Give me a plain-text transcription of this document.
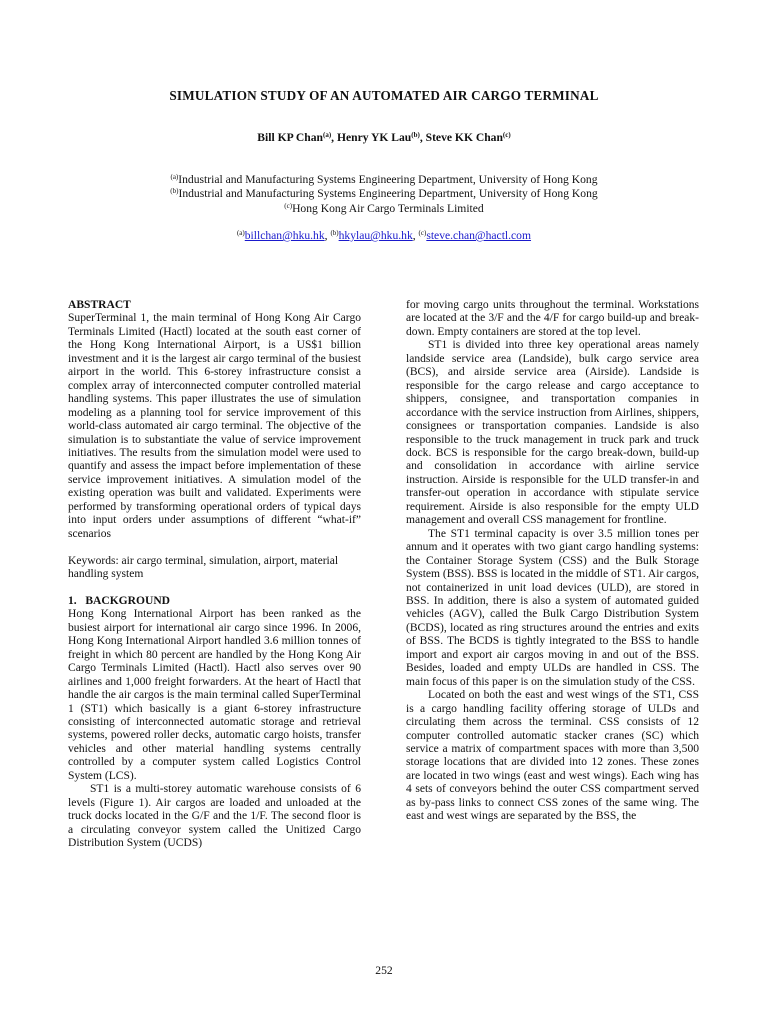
SIMULATION STUDY OF AN AUTOMATED AIR CARGO TERMINAL
Bill KP Chan$^{(a)}$, Henry YK Lau$^{(b)}$, Steve KK Chan$^{(c)}$
$^{(a)}$Industrial and Manufacturing Systems Engineering Department, University of Hong Kong
$^{(b)}$Industrial and Manufacturing Systems Engineering Department, University of Hong Kong
$^{(c)}$Hong Kong Air Cargo Terminals Limited
$^{(a)}$billchan@hku.hk, $^{(b)}$hkylau@hku.hk, $^{(c)}$steve.chan@hactl.com

ABSTRACT

SuperTerminal 1, the main terminal of Hong Kong Air Cargo Terminals Limited (Hactl) located at the south east corner of the Hong Kong International Airport, is a US$1 billion investment and it is the largest air cargo terminal of the busiest airport in the world. This 6-storey infrastructure consist a complex array of interconnected computer controlled material handling systems. This paper illustrates the use of simulation modeling as a planning tool for service improvement of this world-class automated air cargo terminal. The objective of the simulation is to substantiate the value of service improvement initiatives. The results from the simulation model were used to quantify and assess the impact before implementation of these service improvement initiatives. A simulation model of the existing operation was built and validated. Experiments were performed by transforming operational orders of typical days into input orders under assumptions of different “what-if” scenarios

Keywords: air cargo terminal, simulation, airport, material handling system

1.   BACKGROUND

Hong Kong International Airport has been ranked as the busiest airport for international air cargo since 1996. In 2006, Hong Kong International Airport handled 3.6 million tonnes of freight in which 80 percent are handled by the Hong Kong Air Cargo Terminals Limited (Hactl). Hactl also serves over 90 airlines and 1,000 freight forwarders. At the heart of Hactl that handle the air cargos is the main terminal called SuperTerminal 1 (ST1) which basically is a giant 6-storey infrastructure consisting of interconnected automatic storage and retrieval systems, powered roller decks, automatic cargo hoists, transfer vehicles and other material handling systems centrally controlled by a computer system called Logistics Control System (LCS).

ST1 is a multi-storey automatic warehouse consists of 6 levels (Figure 1). Air cargos are loaded and unloaded at the truck docks located in the G/F and the 1/F. The second floor is a circulating conveyor system called the Unitized Cargo Distribution System (UCDS)

for moving cargo units throughout the terminal. Workstations are located at the 3/F and the 4/F for cargo build-up and break-down. Empty containers are stored at the top level.

ST1 is divided into three key operational areas namely landside service area (Landside), bulk cargo service area (BCS), and airside service area (Airside). Landside is responsible for the cargo release and cargo acceptance to shippers, consignee, and transportation companies in accordance with the service instruction from Airlines, shippers, consignees or transportation companies. Landside is also responsible to the truck management in truck park and truck dock. BCS is responsible for the cargo break-down, build-up and consolidation in accordance with airline service instruction. Airside is responsible for the ULD transfer-in and transfer-out operation in accordance with stipulate service requirement. Airside is also responsible for the empty ULD management and overall CSS management for frontline.

The ST1 terminal capacity is over 3.5 million tones per annum and it operates with two giant cargo handling systems: the Container Storage System (CSS) and the Bulk Storage System (BSS). BSS is located in the middle of ST1. Air cargos, not containerized in unit load devices (ULD), are stored in BSS. In addition, there is also a system of automated guided vehicles (AGV), called the Bulk Cargo Distribution System (BCDS), located as ring structures around the entries and exits of BSS. The BCDS is tightly integrated to the BSS to handle import and export air cargos moving in and out of the BSS. Besides, loaded and empty ULDs are handled in CSS. The main focus of this paper is on the simulation study of the CSS.

Located on both the east and west wings of the ST1, CSS is a cargo handling facility offering storage of ULDs and circulating them across the terminal. CSS consists of 12 computer controlled automatic stacker cranes (SC) which service a matrix of compartment spaces with more than 3,500 storage locations that are divided into 12 zones. These zones are located in two wings (east and west wings). Each wing has 4 sets of conveyors behind the outer CSS compartment served as by-pass links to connect CSS zones of the same wing. The east and west wings are separated by the BSS, the

252
